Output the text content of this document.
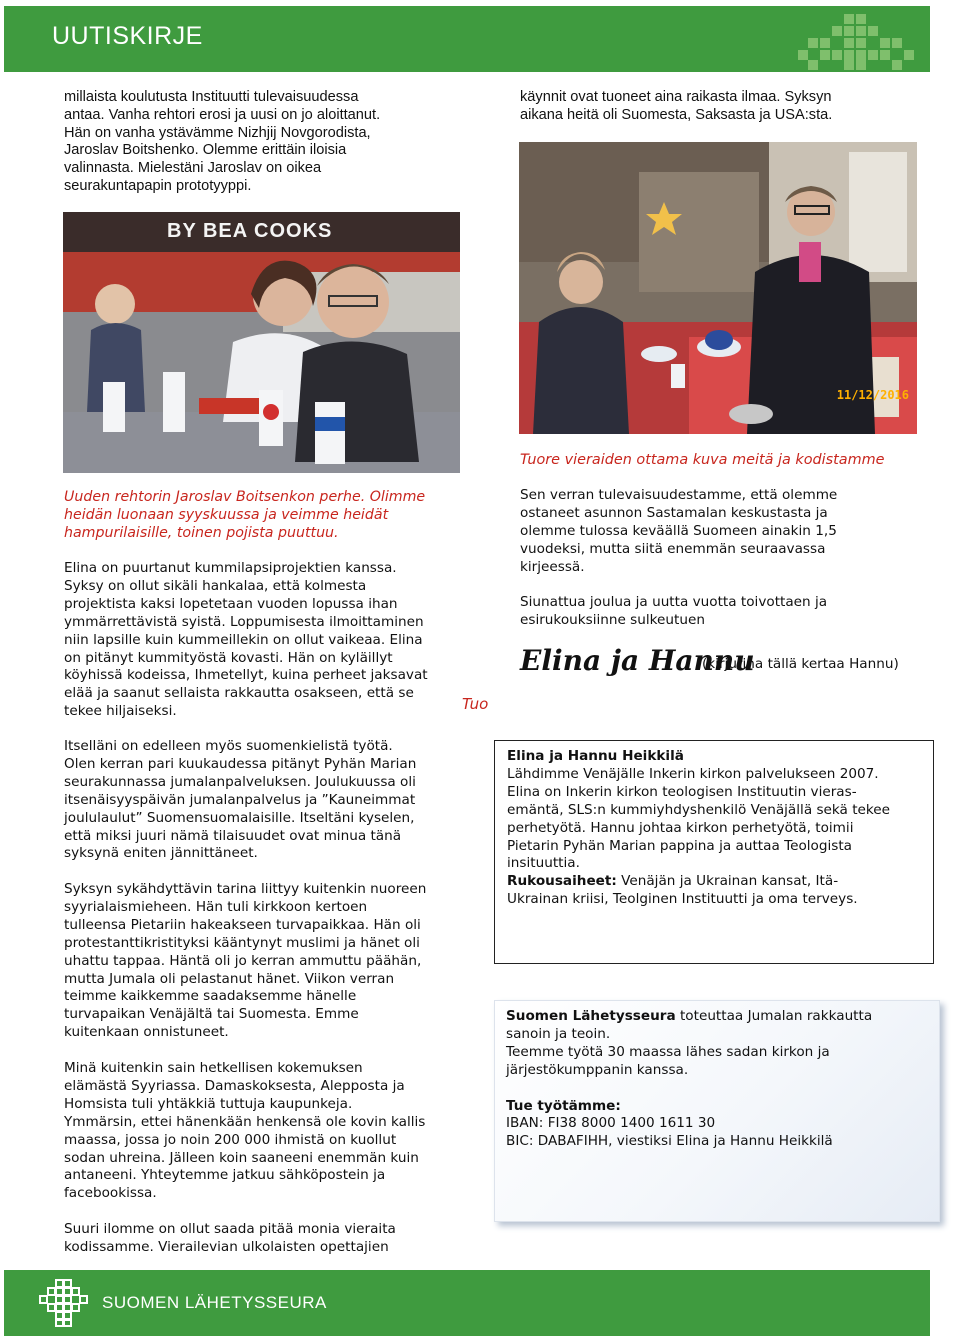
UUTISKIRJE

millaista koulutusta Instituutti tulevaisuudessa

antaa. Vanha rehtori erosi ja uusi on jo aloittanut.

Hän on vanha ystävämme Nizhjij Novgorodista,

Jaroslav Boitshenko. Olemme erittäin iloisia

valinnasta. Mielestäni Jaroslav on oikea

seurakuntapapin prototyyppi.

käynnit ovat tuoneet aina raikasta ilmaa. Syksyn

aikana heitä oli Suomesta, Saksasta ja USA:sta.

11/12/2016
BY BEA COOKS
Tuore vieraiden ottama kuva meitä ja kodistamme

Uuden rehtorin Jaroslav Boitsenkon perhe. Olimme

heidän luonaan syyskuussa ja veimme heidät

hampurilaisille, toinen pojista puuttuu.

Elina on puurtanut kummilapsiprojektien kanssa.

Syksy on ollut sikäli hankalaa, että kolmesta

projektista kaksi lopetetaan vuoden lopussa ihan

ymmärrettävistä syistä. Loppumisesta ilmoittaminen

niin lapsille kuin kummeillekin on ollut vaikeaa. Elina

on pitänyt kummityöstä kovasti. Hän on kyläillyt

köyhissä kodeissa, Ihmetellyt, kuina perheet jaksavat

elää ja saanut sellaista rakkautta osakseen, että se

tekee hiljaiseksi.	Tuo

Sen verran tulevaisuudestamme, että olemme

ostaneet asunnon Sastamalan keskustasta ja

olemme tulossa keväällä Suomeen ainakin 1,5

vuodeksi, mutta siitä enemmän seuraavassa

kirjeessä.

Siunattua joulua ja uutta vuotta toivottaen ja

esirukouksiinne sulkeutuen

Elina ja Hannu
(kirjurina tällä kertaa Hannu)

Itselläni on edelleen myös suomenkielistä työtä.

Olen kerran pari kuukaudessa pitänyt Pyhän Marian

seurakunnassa jumalanpalveluksen. Joulukuussa oli

itsenäisyyspäivän jumalanpalvelus ja ”Kauneimmat

joululaulut” Suomensuomalaisille. Itseltäni kyselen,

että miksi juuri nämä tilaisuudet ovat minua tänä

syksynä eniten jännittäneet.

Syksyn sykähdyttävin tarina liittyy kuitenkin nuoreen

syyrialaismieheen. Hän tuli kirkkoon kertoen

tulleensa Pietariin hakeakseen turvapaikkaa. Hän oli

protestanttikristityksi kääntynyt muslimi ja hänet oli

uhattu tappaa. Häntä oli jo kerran ammuttu päähän,

mutta Jumala oli pelastanut hänet. Viikon verran

teimme kaikkemme saadaksemme hänelle

turvapaikan Venäjältä tai Suomesta. Emme

kuitenkaan onnistuneet.

Minä kuitenkin sain hetkellisen kokemuksen

elämästä Syyriassa. Damaskoksesta, Alepposta ja

Homsista tuli yhtäkkiä tuttuja kaupunkeja.

Ymmärsin, ettei hänenkään henkensä ole kovin kallis

maassa, jossa jo noin 200 000 ihmistä on kuollut

sodan uhreina. Jälleen koin saaneeni enemmän kuin

antaneeni. Yhteytemme jatkuu sähköpostein ja

facebookissa.

Suuri ilomme on ollut saada pitää monia vieraita

kodissamme. Vierailevian ulkolaisten opettajien

Elina ja Hannu Heikkilä

Lähdimme Venäjälle Inkerin kirkon palvelukseen 2007.

Elina on Inkerin kirkon teologisen Instituutin vieras-

emäntä, SLS:n kummiyhdyshenkilö Venäjällä sekä tekee

perhetyötä. Hannu johtaa kirkon perhetyötä, toimii

Pietarin Pyhän Marian pappina ja auttaa Teologista

insituuttia.

Rukousaiheet: Venäjän ja Ukrainan kansat, Itä-

Ukrainan kriisi, Teolginen Instituutti ja oma terveys.

Suomen Lähetysseura toteuttaa Jumalan rakkautta

sanoin ja teoin.

Teemme työtä 30 maassa lähes sadan kirkon ja

järjestökumppanin kanssa.

Tue työtämme:

IBAN: FI38 8000 1400 1611 30

BIC: DABAFIHH, viestiksi Elina ja Hannu Heikkilä

SUOMEN LÄHETYSSEURA
